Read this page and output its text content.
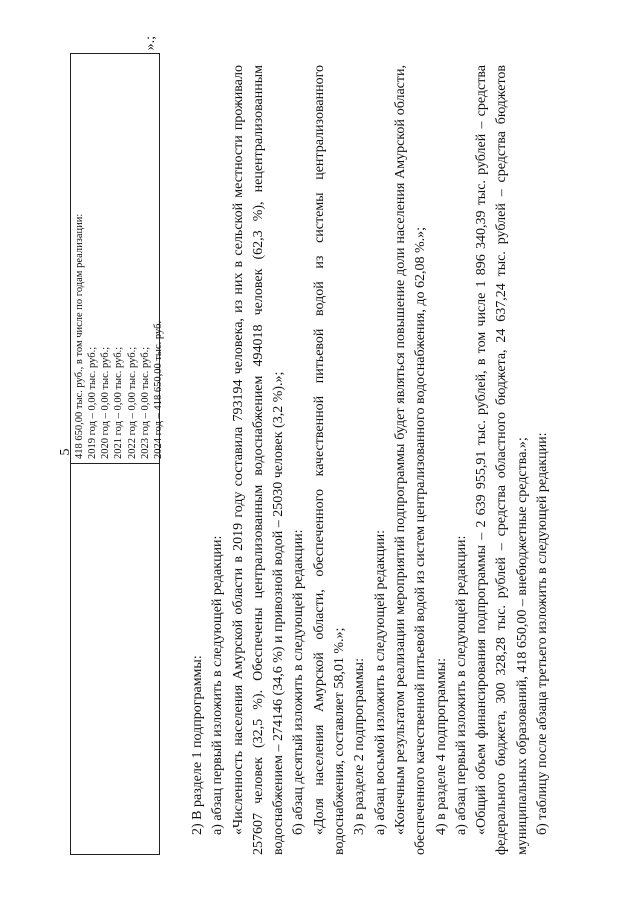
5 418 650,00 тыс. руб., в том числе по годам реализации: 2019 год – 0,00 тыс. руб.; 2020 год – 0,00 тыс. руб.; 2021 год – 0,00 тыс. руб.; 2022 год – 0,00 тыс. руб.; 2023 год – 0,00 тыс. руб.; 2024 год – 418 650,00 тыс. руб.
».;

2) В разделе 1 подпрограммы: а) абзац первый изложить в следующей редакции: «Численность населения Амурской области в 2019 году составила 793194 человека, из них в сельской местности проживало 257607 человек (32,5 %). Обеспечены централизованным водоснабжением 494018 человек (62,3 %), нецентрализованным водоснабжением – 274146 (34,6 %) и привозной водой – 25030 человек (3,2 %).»; б) абзац десятый изложить в следующей редакции: «Доля населения Амурской области, обеспеченного качественной питьевой водой из системы централизованного водоснабжения, составляет 58,01 %.»; 3) в разделе 2 подпрограммы: а) абзац восьмой изложить в следующей редакции: «Конечным результатом реализации мероприятий подпрограммы будет являться повышение доли населения Амурской области, обеспеченного качественной питьевой водой из систем централизованного водоснабжения, до 62,08 %.»; 4) в разделе 4 подпрограммы: а) абзац первый изложить в следующей редакции: «Общий объем финансирования подпрограммы – 2 639 955,91 тыс. рублей, в том числе 1 896 340,39 тыс. рублей – средства федерального бюджета, 300 328,28 тыс. рублей – средства областного бюджета, 24 637,24 тыс. рублей – средства бюджетов муниципальных образований, 418 650,00 – внебюджетные средства.»; б) таблицу после абзаца третьего изложить в следующей редакции:
